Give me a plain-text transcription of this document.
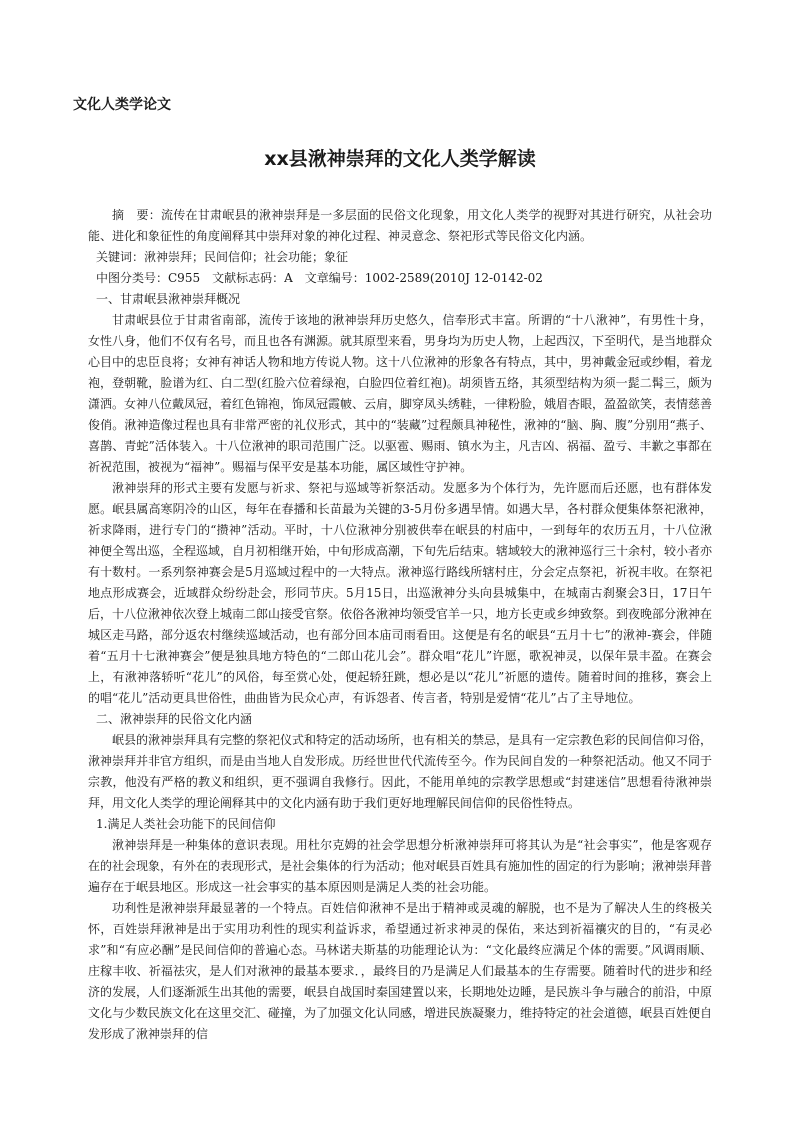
文化人类学论文

xx县湫神崇拜的文化人类学解读

摘　要：流传在甘肃岷县的湫神崇拜是一多层面的民俗文化现象，用文化人类学的视野对其进行研究，从社会功能、进化和象征性的角度阐释其中崇拜对象的神化过程、神灵意念、祭祀形式等民俗文化内涵。

关键词：湫神崇拜；民间信仰；社会功能；象征

中图分类号：C955　文献标志码：A　文章编号：1002-2589(2010J 12-0142-02

一、甘肃岷县湫神崇拜概况

甘肃岷县位于甘肃省南部，流传于该地的湫神崇拜历史悠久，信奉形式丰富。所谓的“十八湫神”，有男性十身，女性八身，他们不仅有名号，而且也各有渊源。就其原型来看，男身均为历史人物，上起西汉，下至明代，是当地群众心目中的忠臣良将；女神有神话人物和地方传说人物。这十八位湫神的形象各有特点，其中，男神戴金冠或纱帽，着龙袍，登朝靴，脸谱为红、白二型(红脸六位着绿袍，白脸四位着红袍)。胡须皆五络，其须型结构为须一髭二髯三，颇为潇洒。女神八位戴凤冠，着红色锦袍，饰凤冠霞帔、云肩，脚穿凤头绣鞋，一律粉脸，娥眉杏眼，盈盈欲笑，表情慈善俊俏。湫神造像过程也具有非常严密的礼仪形式，其中的“装藏”过程颇具神秘性，湫神的“脑、胸、腹”分别用“燕子、喜鹊、青蛇”活体装入。十八位湫神的职司范围广泛。以驱雹、赐雨、镇水为主，凡吉凶、祸福、盈亏、丰歉之事都在祈祝范围，被视为“福神”。赐福与保平安是基本功能，属区域性守护神。

湫神崇拜的形式主要有发愿与祈求、祭祀与巡域等祈祭活动。发愿多为个体行为，先许愿而后还愿，也有群体发愿。岷县属高寒阴冷的山区，每年在春播和长苗最为关键的3-5月份多遇旱情。如遇大旱，各村群众便集体祭祀湫神，祈求降雨，进行专门的“攒神”活动。平时，十八位湫神分别被供奉在岷县的村庙中，一到每年的农历五月，十八位湫神便全驾出巡，全程巡域，自月初相继开始，中旬形成高潮，下旬先后结束。辖域较大的湫神巡行三十余村，较小者亦有十数村。一系列祭神赛会是5月巡域过程中的一大特点。湫神巡行路线所辖村庄，分会定点祭祀，祈祝丰收。在祭祀地点形成赛会，近域群众纷纷赴会，形同节庆。5月15日，出巡湫神分头向县城集中，在城南古刹聚会3日，17日午后，十八位湫神依次登上城南二郎山接受官祭。依俗各湫神均领受官羊一只，地方长吏或乡绅致祭。到夜晚部分湫神在城区走马路，部分返农村继续巡域活动，也有部分回本庙司雨看田。这便是有名的岷县“五月十七”的湫神-赛会，伴随着“五月十七湫神赛会”便是独具地方特色的“二郎山花儿会”。群众唱“花儿”许愿，歌祝神灵，以保年景丰盈。在赛会上，有湫神落轿听“花儿”的风俗，每至赏心处，便起轿狂跳，想必是以“花儿”祈愿的遗传。随着时间的推移，赛会上的唱“花儿”活动更具世俗性，曲曲皆为民众心声，有诉怨者、传言者，特别是爱情“花儿”占了主导地位。

二、湫神崇拜的民俗文化内涵

岷县的湫神崇拜具有完整的祭祀仪式和特定的活动场所，也有相关的禁忌，是具有一定宗教色彩的民间信仰习俗，湫神崇拜并非官方组织，而是由当地人自发形成。历经世世代代流传至今。作为民间自发的一种祭祀活动。他又不同于宗教，他没有严格的教义和组织，更不强调自我修行。因此，不能用单纯的宗教学思想或“封建迷信”思想看待湫神崇拜，用文化人类学的理论阐释其中的文化内涵有助于我们更好地理解民间信仰的民俗性特点。

1.满足人类社会功能下的民间信仰

湫神崇拜是一种集体的意识表现。用杜尔克姆的社会学思想分析湫神崇拜可将其认为是“社会事实”，他是客观存在的社会现象，有外在的表现形式，是社会集体的行为活动；他对岷县百姓具有施加性的固定的行为影响；湫神崇拜普遍存在于岷县地区。形成这一社会事实的基本原因则是满足人类的社会功能。

功利性是湫神崇拜最显著的一个特点。百姓信仰湫神不是出于精神或灵魂的解脱，也不是为了解决人生的终极关怀，百姓崇拜湫神是出于实用功利性的现实利益诉求，希望通过祈求神灵的保佑，来达到祈福禳灾的目的，“有灵必求”和“有应必酬”是民间信仰的普遍心态。马林诺夫斯基的功能理论认为：“文化最终应满足个体的需要。”风调雨顺、庄稼丰收、祈福祛灾，是人们对湫神的最基本要求．，最终目的乃是满足人们最基本的生存需要。随着时代的进步和经济的发展，人们逐渐派生出其他的需要，岷县自战国时秦国建置以来，长期地处边睡，是民族斗争与融合的前沿，中原文化与少数民族文化在这里交汇、碰撞，为了加强文化认同感，增进民族凝聚力，维持特定的社会道德，岷县百姓便自发形成了湫神崇拜的信
